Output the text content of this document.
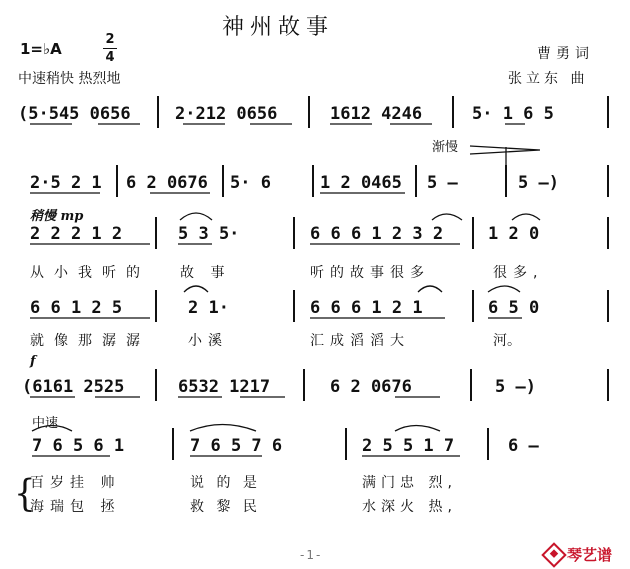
神州故事
1=♭A
2
4
中速稍快 热烈地
曹勇词
张立东 曲
(5·545 0656	2·212 0656	1612 4246	5· 1 6 5
渐慢
2·5 2 1 6 2 0676 5· 6	1 2 0465 5 –	5 –)
稍慢 mp
2 2 2 1 2	5 3 5·	6 6 6 1 2 3 2	1 2 0
从小我听的 故 事	听的故事很多	很多,
6 6 1 2 5	2 1·	6 6 6 1 2 1	6 5 0
就像那潺潺	小溪	汇成滔滔大	河。
f
(6161 2525	6532 1217	6 2 0676	5 –)
中速
7 6 5 6 1	7 6 5 7 6	2 5 5 1 7	6 –
{
百岁挂 帅	说 的 是	满门忠 烈,
海瑞包 拯	救 黎 民	水深火 热,
-1-	琴艺谱
